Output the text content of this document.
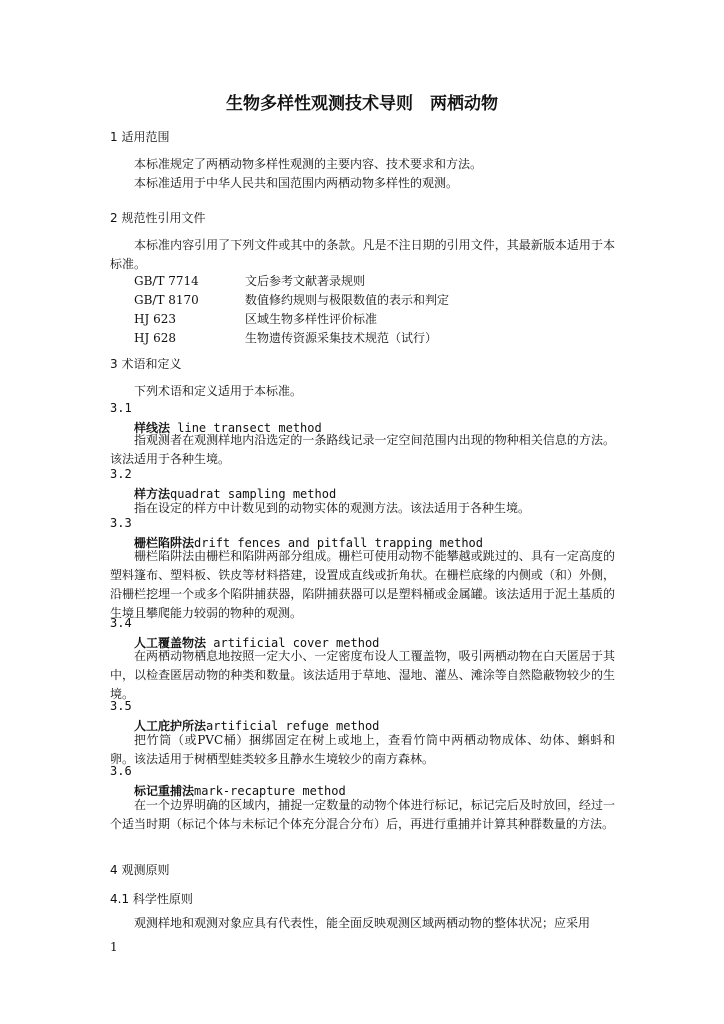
生物多样性观测技术导则　两栖动物
1 适用范围

本标准规定了两栖动物多样性观测的主要内容、技术要求和方法。

本标准适用于中华人民共和国范围内两栖动物多样性的观测。

2 规范性引用文件

本标准内容引用了下列文件或其中的条款。凡是不注日期的引用文件，其最新版本适用于本标准。

GB/T 7714	文后参考文献著录规则
GB/T 8170	数值修约规则与极限数值的表示和判定
HJ 623	区域生物多样性评价标准
HJ 628	生物遗传资源采集技术规范（试行）
3 术语和定义

下列术语和定义适用于本标准。

3.1
样线法 line transect method

指观测者在观测样地内沿选定的一条路线记录一定空间范围内出现的物种相关信息的方法。该法适用于各种生境。

3.2
样方法quadrat sampling method

指在设定的样方中计数见到的动物实体的观测方法。该法适用于各种生境。

3.3
栅栏陷阱法drift fences and pitfall trapping method

栅栏陷阱法由栅栏和陷阱两部分组成。栅栏可使用动物不能攀越或跳过的、具有一定高度的塑料篷布、塑料板、铁皮等材料搭建，设置成直线或折角状。在栅栏底缘的内侧或（和）外侧，沿栅栏挖埋一个或多个陷阱捕获器，陷阱捕获器可以是塑料桶或金属罐。该法适用于泥土基质的生境且攀爬能力较弱的物种的观测。

3.4
人工覆盖物法 artificial cover method

在两栖动物栖息地按照一定大小、一定密度布设人工覆盖物，吸引两栖动物在白天匿居于其中，以检查匿居动物的种类和数量。该法适用于草地、湿地、灌丛、滩涂等自然隐蔽物较少的生境。

3.5
人工庇护所法artificial refuge method

把竹筒（或PVC桶）捆绑固定在树上或地上，查看竹筒中两栖动物成体、幼体、蝌蚪和卵。该法适用于树栖型蛙类较多且静水生境较少的南方森林。

3.6
标记重捕法mark-recapture method

在一个边界明确的区域内，捕捉一定数量的动物个体进行标记，标记完后及时放回，经过一个适当时期（标记个体与未标记个体充分混合分布）后，再进行重捕并计算其种群数量的方法。

4 观测原则
4.1 科学性原则

观测样地和观测对象应具有代表性，能全面反映观测区域两栖动物的整体状况；应采用

1
